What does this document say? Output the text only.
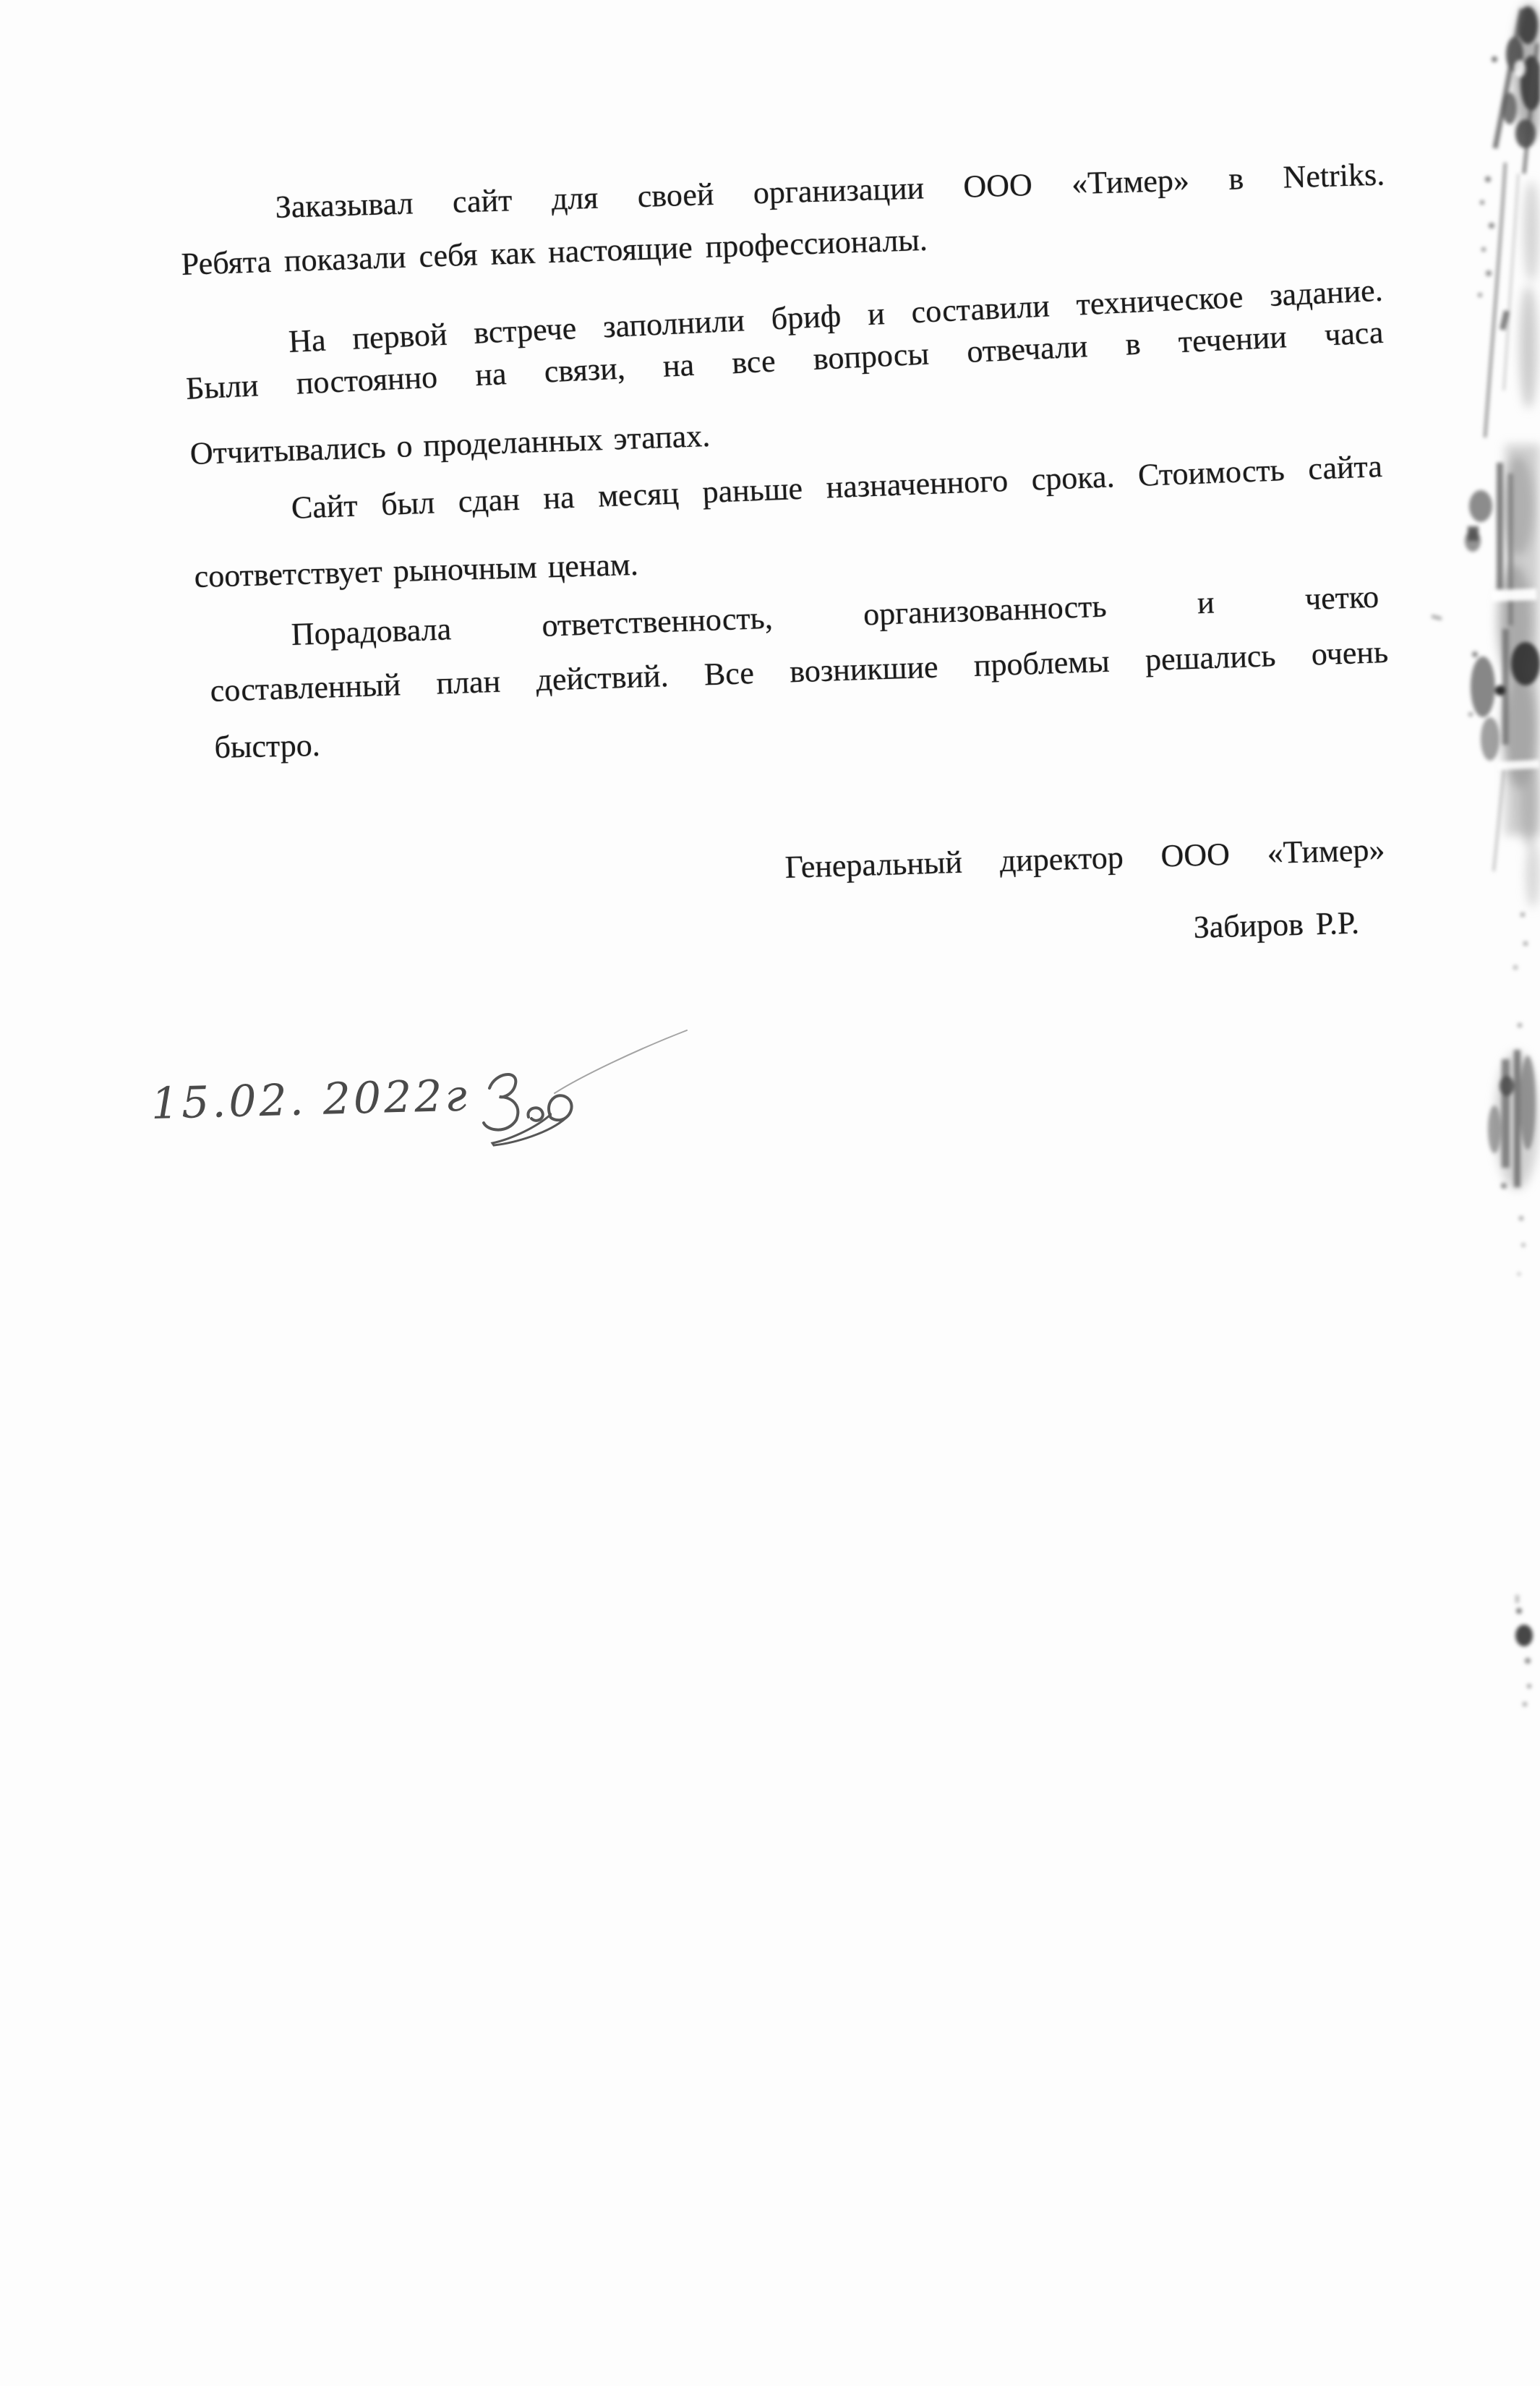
Заказывал сайт для своей организации ООО «Тимер» в Netriks.
Ребята показали себя как настоящие профессионалы.
На первой встрече заполнили бриф и составили техническое задание.
Были постоянно на связи, на все вопросы отвечали в течении часа
Отчитывались о проделанных этапах.
Сайт был сдан на месяц раньше назначенного срока. Стоимость сайта
соответствует рыночным ценам.
Порадовала	ответственность,	организованность	и	четко
составленный план действий. Все возникшие проблемы решались очень
быстро.
Генеральный директор ООО «Тимер»
Забиров Р.Р.
15.02. 2022г
